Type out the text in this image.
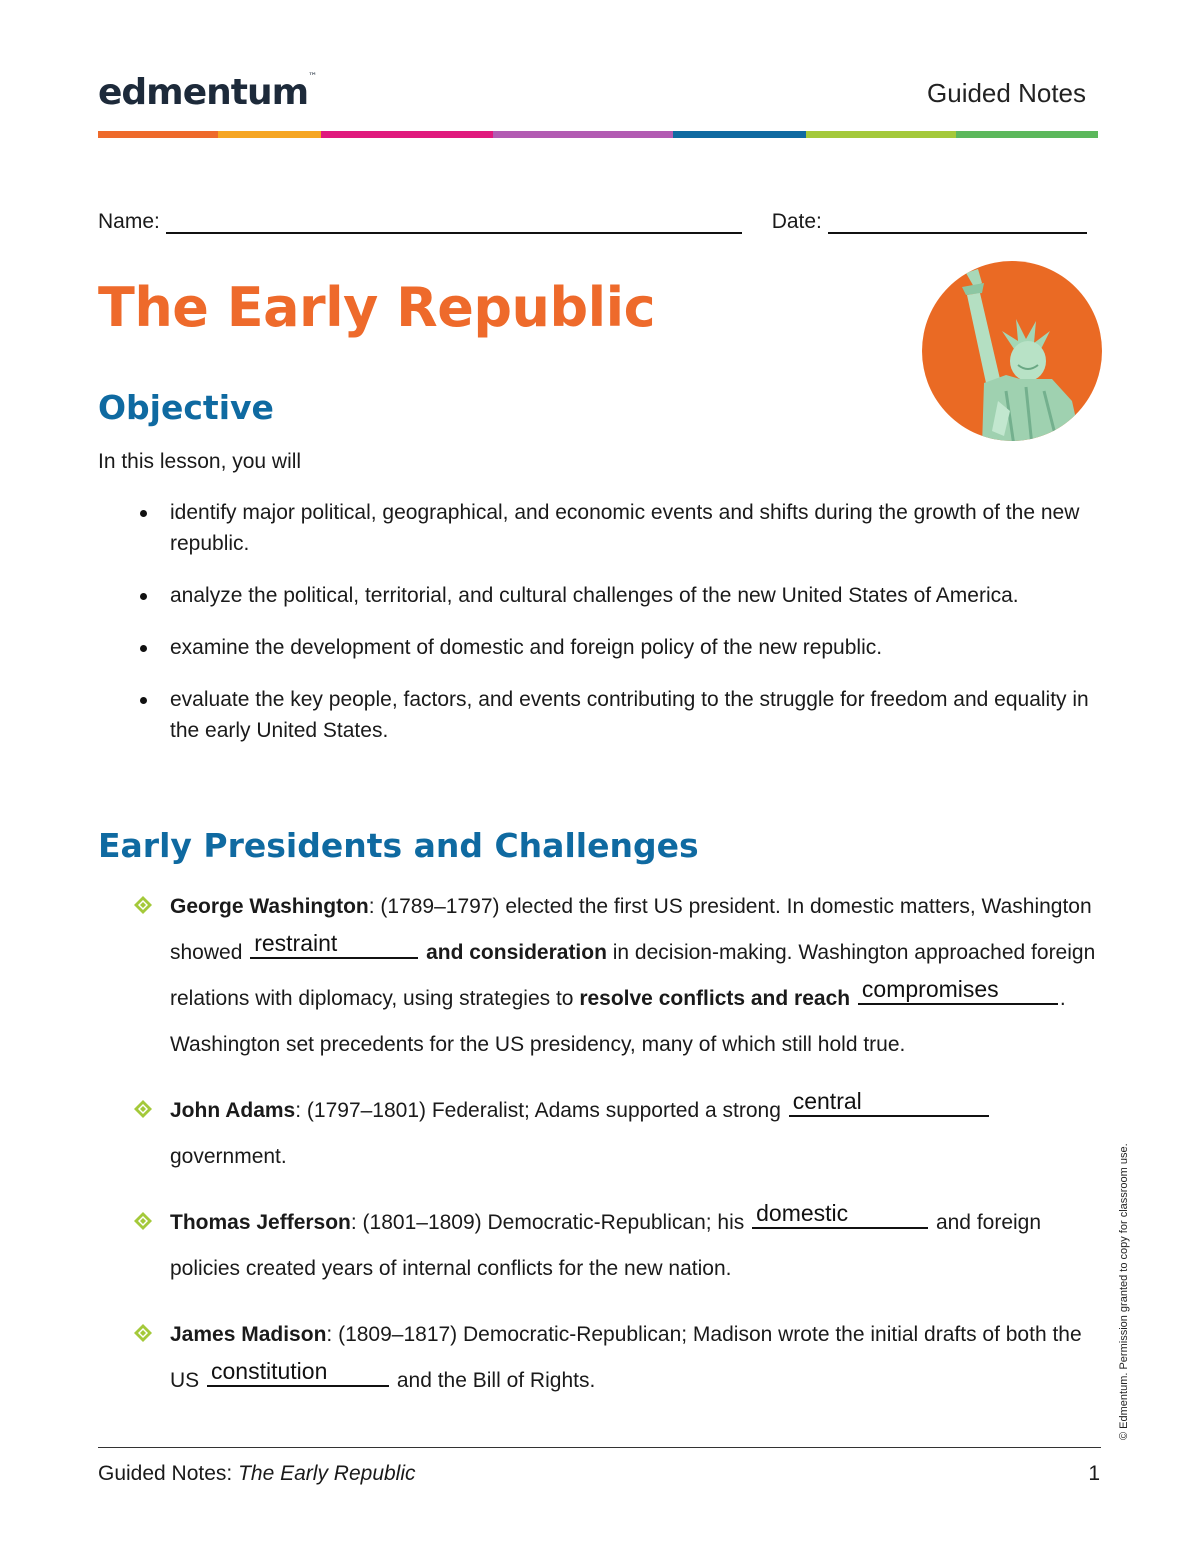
edmentum™
Guided Notes
Name:	Date:
The Early Republic
Objective

In this lesson, you will

identify major political, geographical, and economic events and shifts during the growth of the new republic.
analyze the political, territorial, and cultural challenges of the new United States of America.
examine the development of domestic and foreign policy of the new republic.
evaluate the key people, factors, and events contributing to the struggle for freedom and equality in the early United States.
Early Presidents and Challenges
George Washington: (1789–1797) elected the first US president. In domestic matters, Washington showed restraint	and consideration in decision-making. Washington approached foreign relations with diplomacy, using strategies to resolve conflicts and reach compromises	. Washington set precedents for the US presidency, many of which still hold true.
John Adams: (1797–1801) Federalist; Adams supported a strong central
government.
Thomas Jefferson: (1801–1809) Democratic-Republican; his domestic	and foreign policies created years of internal conflicts for the new nation.
James Madison: (1809–1817) Democratic-Republican; Madison wrote the initial drafts of both the US constitution	and the Bill of Rights.
Guided Notes: The Early Republic	1
© Edmentum. Permission granted to copy for classroom use.
